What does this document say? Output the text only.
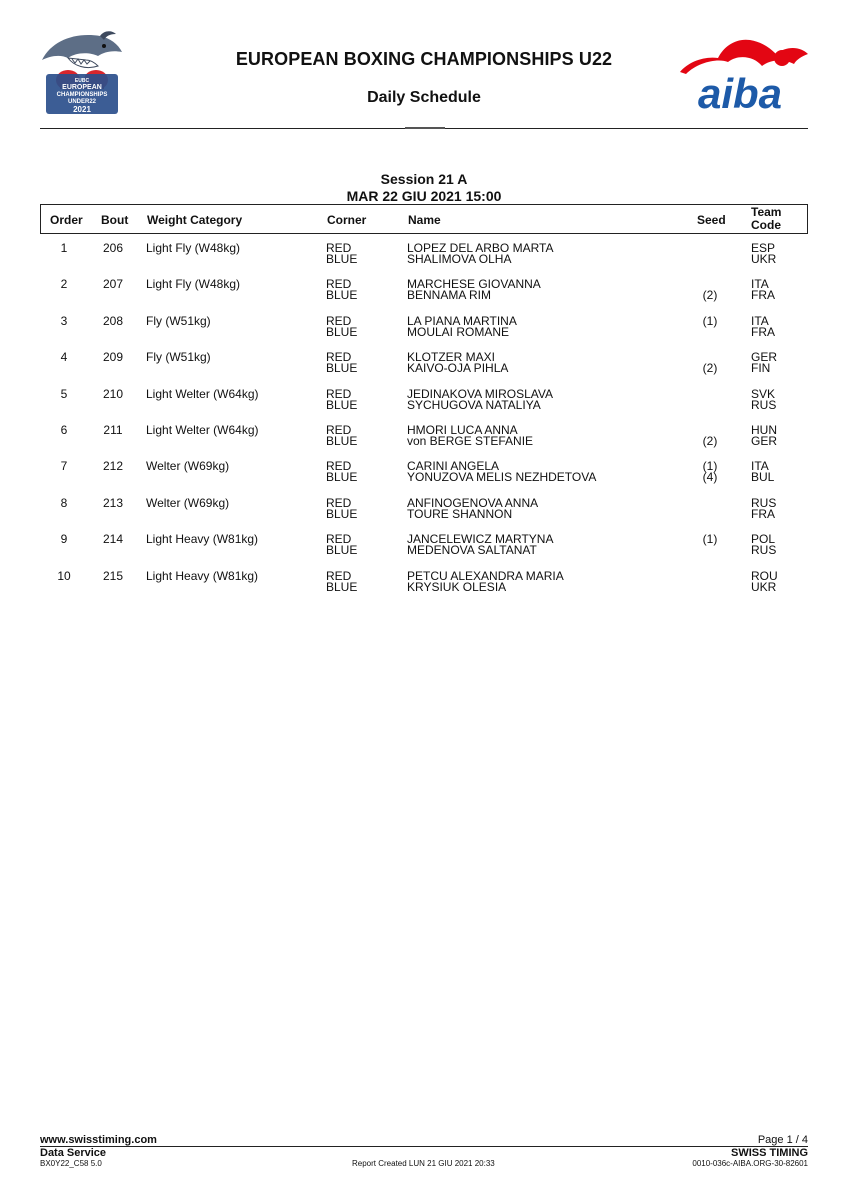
EUBC
EUROPEAN
CHAMPIONSHIPS
UNDER22
2021
EUROPEAN BOXING CHAMPIONSHIPS U22
Daily Schedule	aiba
Session 21 A
MAR 22 GIU 2021 15:00
Order Bout Weight Category	Corner	Name	Seed
Team
Code
1	206	Light Fly (W48kg)	RED	LOPEZ DEL ARBO MARTA	ESP
BLUE	SHALIMOVA OLHA	UKR
2	207	Light Fly (W48kg)	RED	MARCHESE GIOVANNA	ITA
BLUE	BENNAMA RIM	(2)	FRA
3	208	Fly (W51kg)	RED	LA PIANA MARTINA	(1)	ITA
BLUE	MOULAI ROMANE	FRA
4	209	Fly (W51kg)	RED	KLOTZER MAXI	GER
BLUE	KAIVO-OJA PIHLA	(2)	FIN
5	210	Light Welter (W64kg)	RED	JEDINAKOVA MIROSLAVA	SVK
BLUE	SYCHUGOVA NATALIYA	RUS
6	211	Light Welter (W64kg)	RED	HMORI LUCA ANNA	HUN
BLUE	von BERGE STEFANIE	(2)	GER
7	212	Welter (W69kg)	RED	CARINI ANGELA	(1)	ITA
BLUE	YONUZOVA MELIS NEZHDETOVA	(4)	BUL
8	213	Welter (W69kg)	RED	ANFINOGENOVA ANNA	RUS
BLUE	TOURE SHANNON	FRA
9	214	Light Heavy (W81kg)	RED	JANCELEWICZ MARTYNA	(1)	POL
BLUE	MEDENOVA SALTANAT	RUS
10	215	Light Heavy (W81kg)	RED	PETCU ALEXANDRA MARIA	ROU
BLUE	KRYSIUK OLESIA	UKR
www.swisstiming.com	Page 1 / 4
Data Service	SWISS TIMING
BX0Y22_C58 5.0	Report Created LUN 21 GIU 2021 20:33	0010-036c-AIBA.ORG-30-82601
